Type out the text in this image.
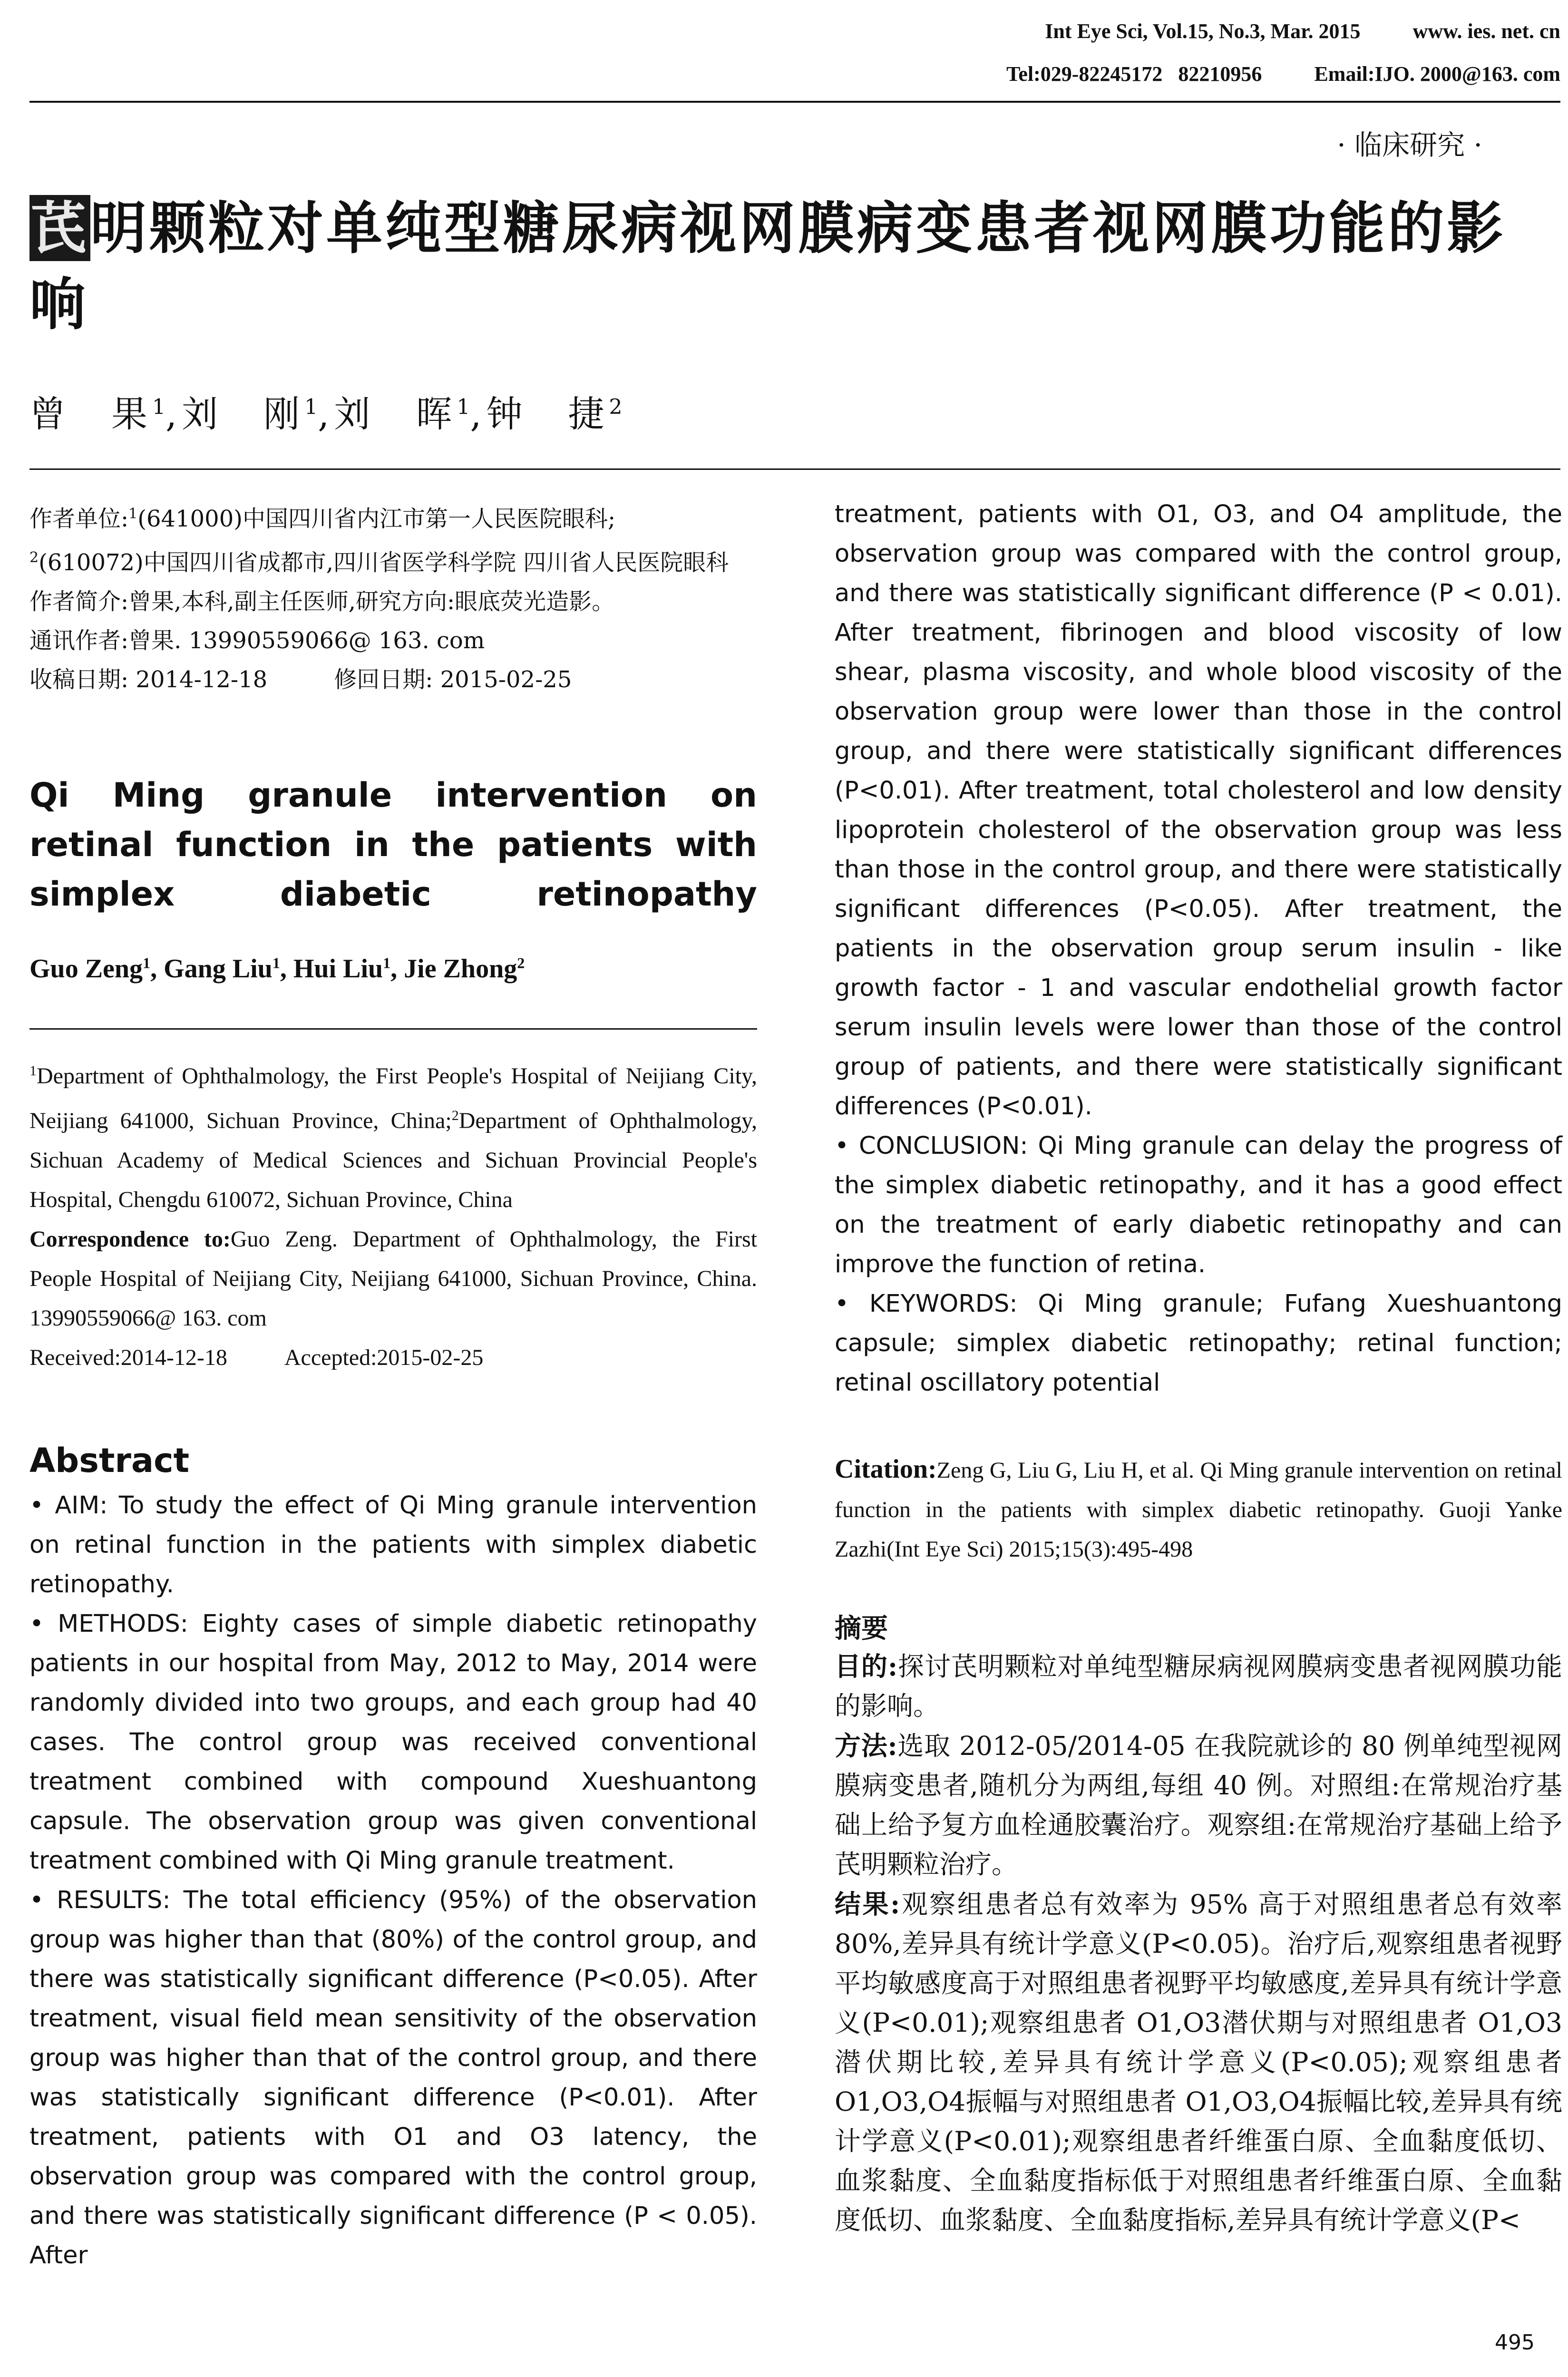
Int Eye Sci, Vol.15, No.3, Mar. 2015	www. ies. net. cn
Tel:029-82245172   82210956	Email:IJO. 2000@163. com
· 临床研究 ·
芪明颗粒对单纯型糖尿病视网膜病变患者视网膜功能的影响
曾　果$^1$,刘　刚$^1$,刘　晖$^1$,钟　捷$^2$

作者单位:$^1$(641000)中国四川省内江市第一人民医院眼科;
$^2$(610072)中国四川省成都市,四川省医学科学院 四川省人民医院眼科

作者简介:曾果,本科,副主任医师,研究方向:眼底荧光造影。

通讯作者:曾果. 13990559066@ 163. com

收稿日期: 2014-12-18	修回日期: 2015-02-25

Qi Ming granule intervention on retinal function in the patients with simplex diabetic retinopathy
Guo Zeng$^1$, Gang Liu$^1$, Hui Liu$^1$, Jie Zhong$^2$

$^1$Department of Ophthalmology, the First People's Hospital of Neijiang City, Neijiang 641000, Sichuan Province, China;$^2$Department of Ophthalmology, Sichuan Academy of Medical Sciences and Sichuan Provincial People's Hospital, Chengdu 610072, Sichuan Province, China

Correspondence to:Guo Zeng. Department of Ophthalmology, the First People Hospital of Neijiang City, Neijiang 641000, Sichuan Province, China. 13990559066@ 163. com

Received:2014-12-18	Accepted:2015-02-25

Abstract

• AIM: To study the effect of Qi Ming granule intervention on retinal function in the patients with simplex diabetic retinopathy.

• METHODS: Eighty cases of simple diabetic retinopathy patients in our hospital from May, 2012 to May, 2014 were randomly divided into two groups, and each group had 40 cases. The control group was received conventional treatment combined with compound Xueshuantong capsule. The observation group was given conventional treatment combined with Qi Ming granule treatment.

• RESULTS: The total efficiency (95%) of the observation group was higher than that (80%) of the control group, and there was statistically significant difference (P<0.05). After treatment, visual field mean sensitivity of the observation group was higher than that of the control group, and there was statistically significant difference (P<0.01). After treatment, patients with O1 and O3 latency, the observation group was compared with the control group, and there was statistically significant difference (P < 0.05). After

treatment, patients with O1, O3, and O4 amplitude, the observation group was compared with the control group, and there was statistically significant difference (P < 0.01). After treatment, fibrinogen and blood viscosity of low shear, plasma viscosity, and whole blood viscosity of the observation group were lower than those in the control group, and there were statistically significant differences (P<0.01). After treatment, total cholesterol and low density lipoprotein cholesterol of the observation group was less than those in the control group, and there were statistically significant differences (P<0.05). After treatment, the patients in the observation group serum insulin - like growth factor - 1 and vascular endothelial growth factor serum insulin levels were lower than those of the control group of patients, and there were statistically significant differences (P<0.01).

• CONCLUSION: Qi Ming granule can delay the progress of the simplex diabetic retinopathy, and it has a good effect on the treatment of early diabetic retinopathy and can improve the function of retina.

• KEYWORDS: Qi Ming granule; Fufang Xueshuantong capsule; simplex diabetic retinopathy; retinal function; retinal oscillatory potential

Citation:Zeng G, Liu G, Liu H, et al. Qi Ming granule intervention on retinal function in the patients with simplex diabetic retinopathy. Guoji Yanke Zazhi(Int Eye Sci) 2015;15(3):495-498
摘要

目的:探讨芪明颗粒对单纯型糖尿病视网膜病变患者视网膜功能的影响。

方法:选取 2012-05/2014-05 在我院就诊的 80 例单纯型视网膜病变患者,随机分为两组,每组 40 例。对照组:在常规治疗基础上给予复方血栓通胶囊治疗。观察组:在常规治疗基础上给予芪明颗粒治疗。

结果:观察组患者总有效率为 95% 高于对照组患者总有效率 80%,差异具有统计学意义(P<0.05)。治疗后,观察组患者视野平均敏感度高于对照组患者视野平均敏感度,差异具有统计学意义(P<0.01);观察组患者 O1,O3潜伏期与对照组患者 O1,O3潜伏期比较,差异具有统计学意义(P<0.05);观察组患者 O1,O3,O4振幅与对照组患者 O1,O3,O4振幅比较,差异具有统计学意义(P<0.01);观察组患者纤维蛋白原、全血黏度低切、血浆黏度、全血黏度指标低于对照组患者纤维蛋白原、全血黏度低切、血浆黏度、全血黏度指标,差异具有统计学意义(P<

495
